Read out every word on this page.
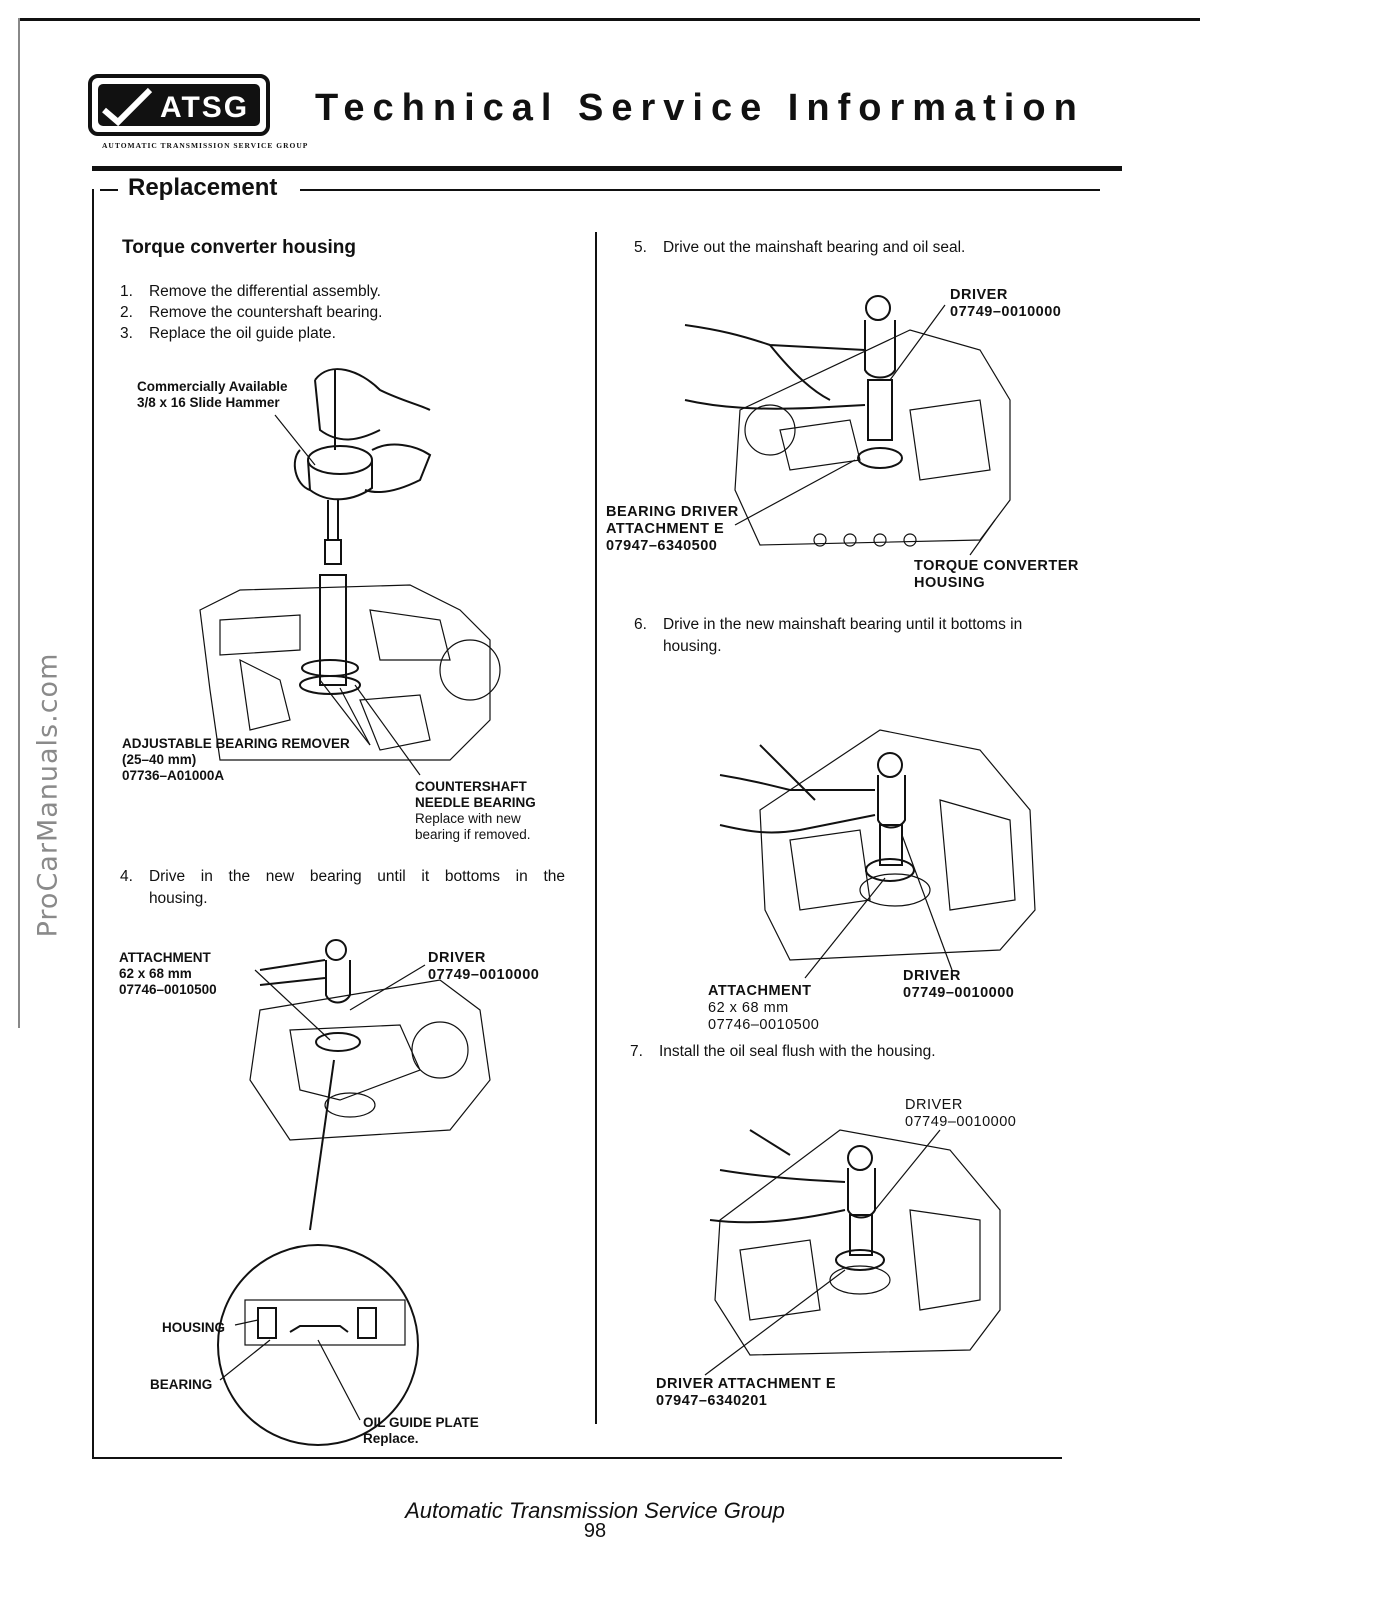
ProCarManuals.com
ATSG
AUTOMATIC TRANSMISSION SERVICE GROUP
Technical Service Information
Replacement
Torque converter housing
1. Remove the differential assembly.
2. Remove the countershaft bearing.
3. Replace the oil guide plate.
Commercially Available
3/8 x 16 Slide Hammer
ADJUSTABLE BEARING REMOVER
(25–40 mm)
07736–A01000A
COUNTERSHAFT
NEEDLE BEARING
Replace with new
bearing if removed.
4. Drive in the new bearing until it bottoms in the housing.
ATTACHMENT
62 x 68 mm
07746–0010500
DRIVER
07749–0010000
HOUSING
BEARING
OIL GUIDE PLATE
Replace.
5. Drive out the mainshaft bearing and oil seal.
DRIVER
07749–0010000
BEARING DRIVER
ATTACHMENT E
07947–6340500
TORQUE CONVERTER
HOUSING
6. Drive in the new mainshaft bearing until it bottoms in housing.
ATTACHMENT
62 x 68 mm
07746–0010500
DRIVER
07749–0010000
7. Install the oil seal flush with the housing.
DRIVER
07749–0010000
DRIVER ATTACHMENT E
07947–6340201
Automatic Transmission Service Group
98
